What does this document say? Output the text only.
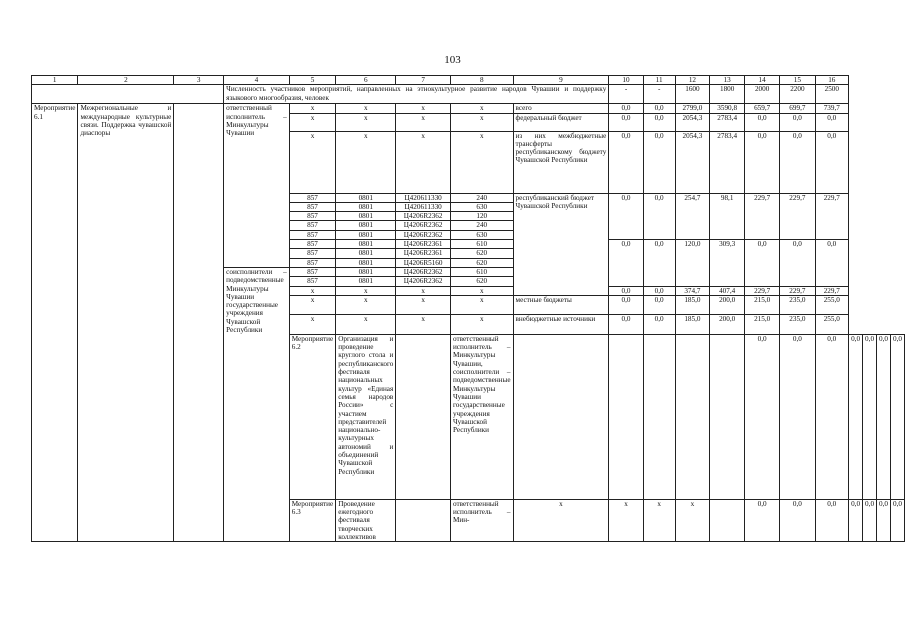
103
1	2	3	4	5	6	7	8	9	10	11	12	13	14	15	16				
			Численность участников мероприятий, направленных на этнокультурное развитие народов Чувашии и поддержку языкового многообразия, человек						-	-	1600	1800	2000	2200	2500				
Мероприятие 6.1	Межрегиональные и международные культурные связи. Поддержка чувашской диаспоры		ответственный исполнитель – Минкультуры Чувашии	x	x	x	x	всего	0,0	0,0	2799,0	3590,8	659,7	699,7	739,7				
				x	x	x	x	федеральный бюджет	0,0	0,0	2054,3	2783,4	0,0	0,0	0,0				
				x	x	x	x	из них межбюджетные трансферты республиканскому бюджету Чувашской Республики	0,0	0,0	2054,3	2783,4	0,0	0,0	0,0				
				857	0801	Ц420611330	240	республиканский бюджет Чувашской Республики	0,0	0,0	254,7	98,1	229,7	229,7	229,7				
				857	0801	Ц420611330	630												
				857	0801	Ц4206R2362	120												
				857	0801	Ц4206R2362	240												
				857	0801	Ц4206R2362	630												
				857	0801	Ц4206R2361	610		0,0	0,0	120,0	309,3	0,0	0,0	0,0				
				857	0801	Ц4206R2361	620												
				857	0801	Ц4206R5160	620												
			соисполнители – подведомственные Минкультуры Чувашии государственные учреждения Чувашской Республики	857	0801	Ц4206R2362	610												
				857	0801	Ц4206R2362	620												
				x	x	x	x		0,0	0,0	374,7	407,4	229,7	229,7	229,7				
				x	x	x	x	местные бюджеты	0,0	0,0	185,0	200,0	215,0	235,0	255,0				
				x	x	x	x	внебюджетные источники	0,0	0,0	185,0	200,0	215,0	235,0	255,0				
				Мероприятие 6.2	Организация и проведение круглого стола и республиканского фестиваля национальных культур «Единая семья народов России» с участием представителей национально-культурных автономий и объединений Чувашской Республики		ответственный исполнитель – Минкультуры Чувашии, соисполнители – подведомственные Минкультуры Чувашии государственные учреждения Чувашской Республики						0,0	0,0	0,0	0,0	0,0	0,0	0,0
				Мероприятие 6.3	Проведение ежегодного фестиваля творческих коллективов		ответственный исполнитель – Мин-	x	x	x	x		0,0	0,0	0,0	0,0	0,0	0,0	0,0
